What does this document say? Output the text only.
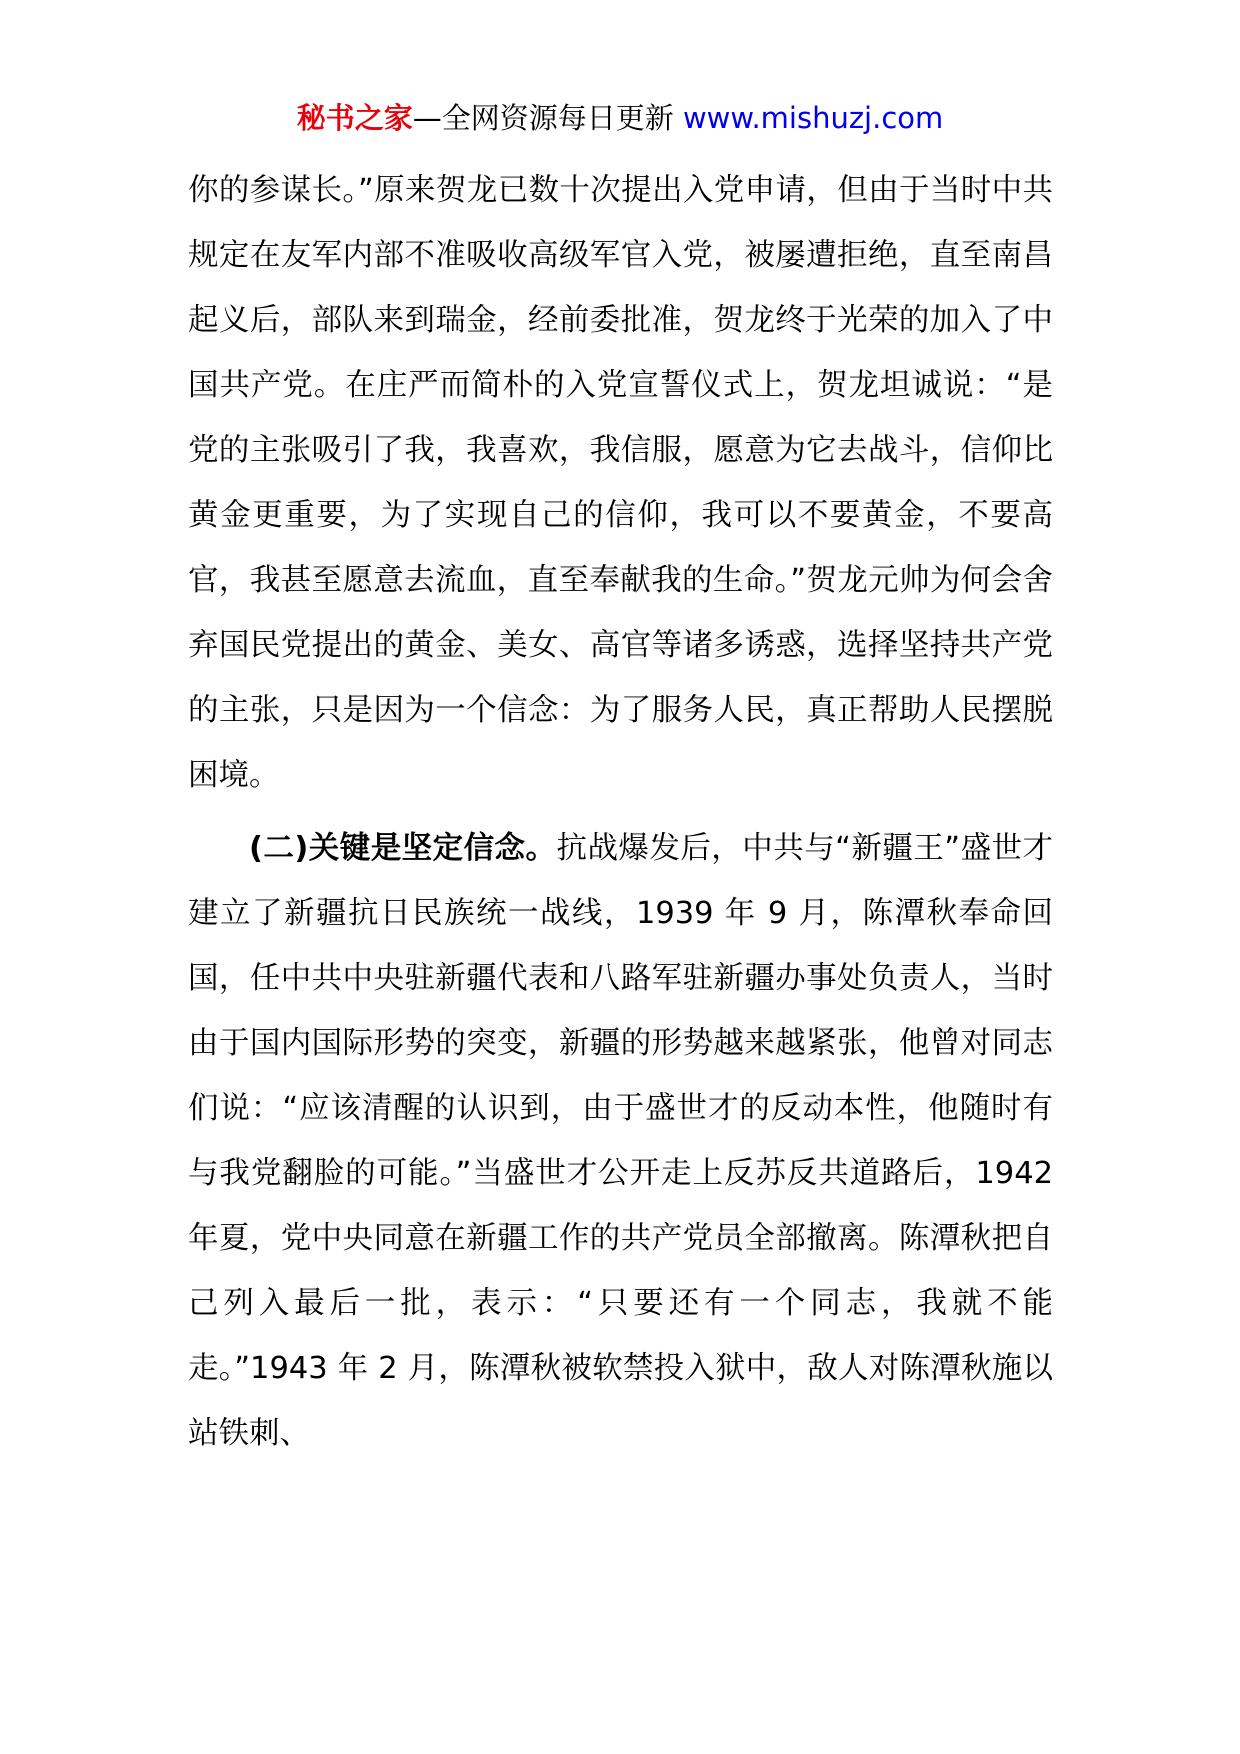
秘书之家—全网资源每日更新 www.mishuzj.com

你的参谋长。”原来贺龙已数十次提出入党申请，但由于当时中共规定在友军内部不准吸收高级军官入党，被屡遭拒绝，直至南昌起义后，部队来到瑞金，经前委批准，贺龙终于光荣的加入了中国共产党。在庄严而简朴的入党宣誓仪式上，贺龙坦诚说：“是党的主张吸引了我，我喜欢，我信服，愿意为它去战斗，信仰比黄金更重要，为了实现自己的信仰，我可以不要黄金，不要高官，我甚至愿意去流血，直至奉献我的生命。”贺龙元帅为何会舍弃国民党提出的黄金、美女、高官等诸多诱惑，选择坚持共产党的主张，只是因为一个信念：为了服务人民，真正帮助人民摆脱困境。

(二)关键是坚定信念。抗战爆发后，中共与“新疆王”盛世才建立了新疆抗日民族统一战线，1939 年 9 月，陈潭秋奉命回国，任中共中央驻新疆代表和八路军驻新疆办事处负责人，当时由于国内国际形势的突变，新疆的形势越来越紧张，他曾对同志们说：“应该清醒的认识到，由于盛世才的反动本性，他随时有与我党翻脸的可能。”当盛世才公开走上反苏反共道路后，1942 年夏，党中央同意在新疆工作的共产党员全部撤离。陈潭秋把自己列入最后一批，表示：“只要还有一个同志，我就不能走。”1943 年 2 月，陈潭秋被软禁投入狱中，敌人对陈潭秋施以站铁刺、
